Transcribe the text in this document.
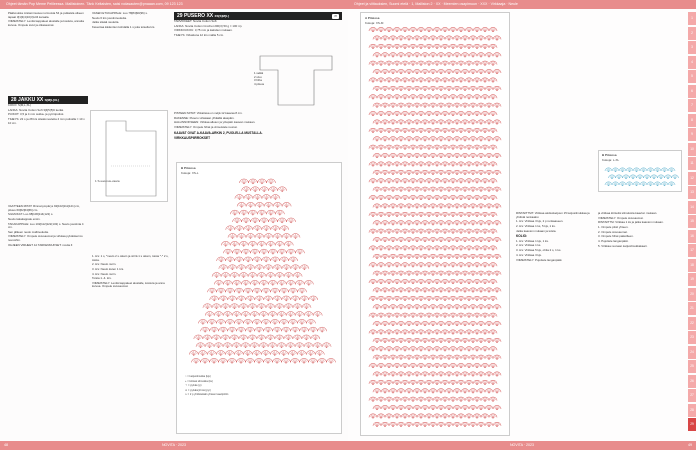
Ohjeet tämän Pop Meme Pelileessa. Mallistoinen. Tänk Keltaisten, saisi rodasauten@pnaaan.com, 09 123 123

Pääluvuista mistammuava nurmoista 54 ja pulkaisla ulkeen tapaat 3[1]3(4)10(3)x34 keraala.

VIIMEISTELY: Levitä kappaleet alustalle ja kostuta, annatta kuivua. Ompele sivut ja olkasaumat.

28 JAKKU XX S[M]L[XL]

KOKO: S(M,L,XL)

LANKA: Novita Cotton Soft 3[4]5(5)6 kerää.

PUIKOT: 3,5 ja 4 mm sukka- ja pyöröpuikot.

TIHEYS: 22 s ja 28 krs sileää neuletta 4 mm puikoilla = 10 x 10 cm.

1 S-suomus-vaara

VAATTEEN MITAT: Rinnanympärys 92[102]111[121] cm, pituus 60[62]64[66] cm.

SILMUKAT: Luo 98[106]114(122) s.

Neulo takakappale ensin.

TAKAKAPPALE: Luo 102[112]122(132) s. Neulo joustinta 4 cm.

Sen jälkeen neulo mallineuletta.

VIIMEISTELY: Ompele sivusaumat ja virkkaa pylväskerros reunoihin.

OHJEEN VIRHEET JA TARKENNUKSET: novita.fi

VASEN ETUKAPPALE: Luo 78[84]90(96) s.

Neulo 6 krs joustinneuletta.

Jatka sileää neuletta.

Kaventaa kädentien kohdalla 1 s joka toisella krs.

1. krs: 1 s, *neulo 2 s oikein ja siirrä 1 s oikein, toista *-* 2 s, toista.

2. krs: Neulo nurin.

3. krs: Neulo kuten 1 krs.

4. krs: Neulo nurin.

Toista 1.-4. krs.

VIIMEISTELY: Levitä kappaleet alustalle, kostuta ja anna kuivua. Ompele sivusaumat.

29 PUSERO XX XS[S]M[L]	✂

TARVIKKEET: Novita Cotton Soft.

LANKA: Novita Cotton Crochet 200(3) 50 g = 100 m).

VIRKKOUKOU: 3,75 mm ja kaksiten mukaan.

TIHEYS: Virkattuna 12 krs mallia 5 cm.

1 selkä
2 sivu
3 hiha
4 pituus

PISTEEN MITAT: Virkattava on neljä 12 kaavaa 8 cm.

RAKENNE: Pusero virkataan ylhäältä alaspäin.

HALLINNOKSEEN: Virkkaa alkuun ja ylöspäin kaavan mukaan.

VIIMEISTELY: Ompele hihat ja viimeistele reunat.

KAAVAT OVAT A-KAAVA-ARKIN 2, PUOLELLA MUSTALLA.
VIRKKAUSPIIRROKSET
B Pitsiosa
Kokoja: XS-L
○ = ketjusilmukka (kjs)
+ = kiinteä silmukka (ks)
⊤ = pylväs (p)
⋔ = pylväsryhmä (pyr)
∧ = 2 p yhdistetään yhteen kaaripiiriin
NOVITA · 2023
48
Ohjeet ja viittauksien, Suomi etelä · 1, Malliston 2 · XX · Meemien osapimuun · XXX · Virkkaaja · Neule
A Pitsiosa
Kokoja: XS-M

RINTAPITSIT: Virkkaa aloitusketjuun 15 ketjusilmukkaa ja yhdistä renkaaksi.

1. krs: Virkkaa 3 kjs, 2 p renkaaseen.

2. krs: Virkkaa 1 ks, 5 kjs, 1 ks.

Jatka kaavion mukaan ja toista.

KOLIO:

1. krs: Virkkaa 1 kjs, 1 ks.

2. krs: Virkkaa 1 ks.

3. krs: Virkkaa 5 kjs, ohita 2 s, 1 ks.

4. krs: Virkkaa 3 kjs.

VIIMEISTELY: Pujottele langanpäät.

B Pitsiosa
Kokoja: L-XL

ja virkkaa kiinteitä silmukoita kaavion mukaan.

VIIMEISTELY: Ompele sivusaumat.

RINTAPITSI: Virkkaa 1 ks ja jatka kaavion mukaan.

1. Ompele pitsit yhteen.

2. Ompele sivusaumat.

3. Ompele hihat paikoilleen.

4. Pujottele langanpäät.

5. Virkkaa reunaan ketjusilmukkakaari.

1
2
3
4
5
6
7
8
9
10
11
12
13
14
15
16
17
18
19
20
21
22
23
24
25
26
27
28
29
NOVITA · 2023	49
